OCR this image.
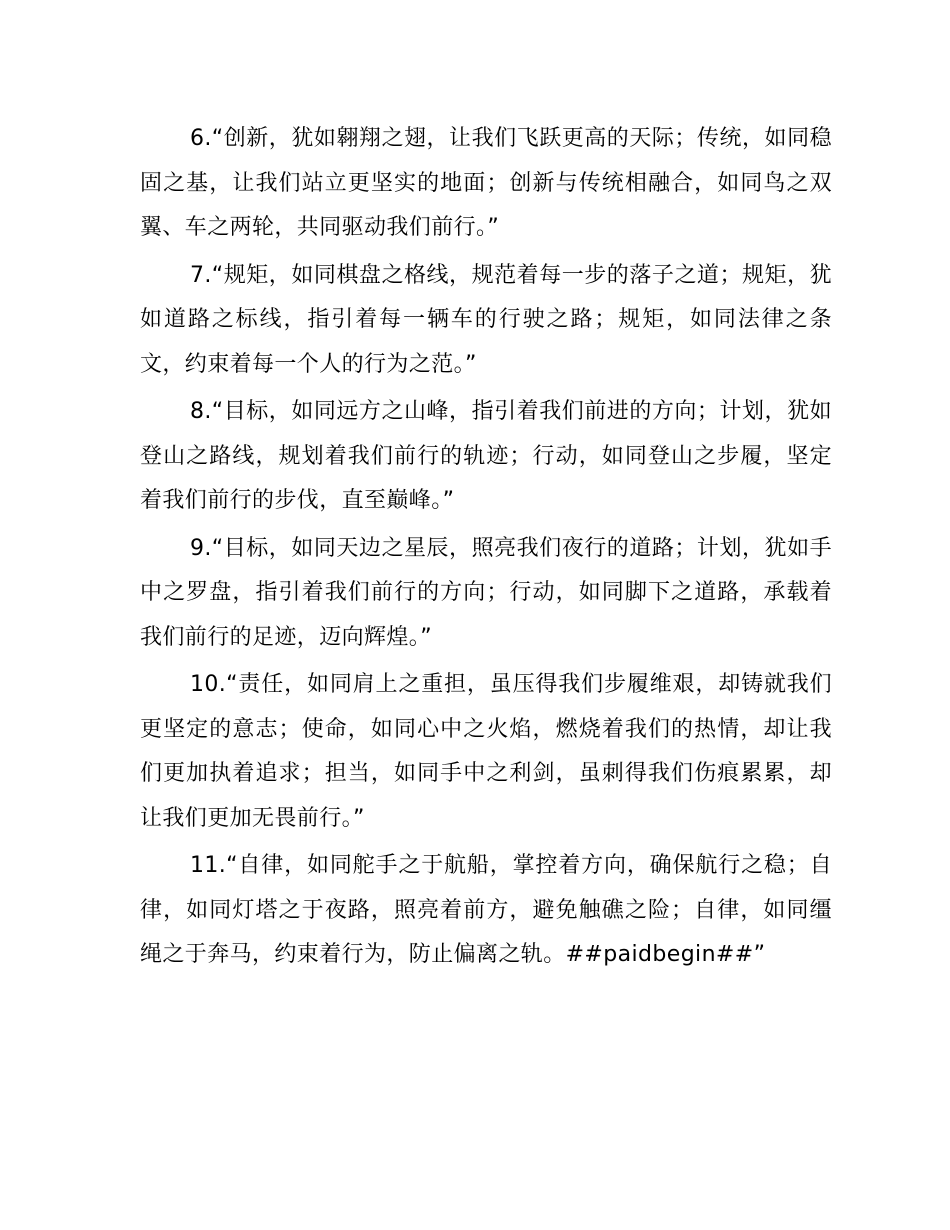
6.“创新，犹如翱翔之翅，让我们飞跃更高的天际；传统，如同稳固之基，让我们站立更坚实的地面；创新与传统相融合，如同鸟之双翼、车之两轮，共同驱动我们前行。”

7.“规矩，如同棋盘之格线，规范着每一步的落子之道；规矩，犹如道路之标线，指引着每一辆车的行驶之路；规矩，如同法律之条文，约束着每一个人的行为之范。”

8.“目标，如同远方之山峰，指引着我们前进的方向；计划，犹如登山之路线，规划着我们前行的轨迹；行动，如同登山之步履，坚定着我们前行的步伐，直至巅峰。”

9.“目标，如同天边之星辰，照亮我们夜行的道路；计划，犹如手中之罗盘，指引着我们前行的方向；行动，如同脚下之道路，承载着我们前行的足迹，迈向辉煌。”

10.“责任，如同肩上之重担，虽压得我们步履维艰，却铸就我们更坚定的意志；使命，如同心中之火焰，燃烧着我们的热情，却让我们更加执着追求；担当，如同手中之利剑，虽刺得我们伤痕累累，却让我们更加无畏前行。”

11.“自律，如同舵手之于航船，掌控着方向，确保航行之稳；自律，如同灯塔之于夜路，照亮着前方，避免触礁之险；自律，如同缰绳之于奔马，约束着行为，防止偏离之轨。##paidbegin##”
